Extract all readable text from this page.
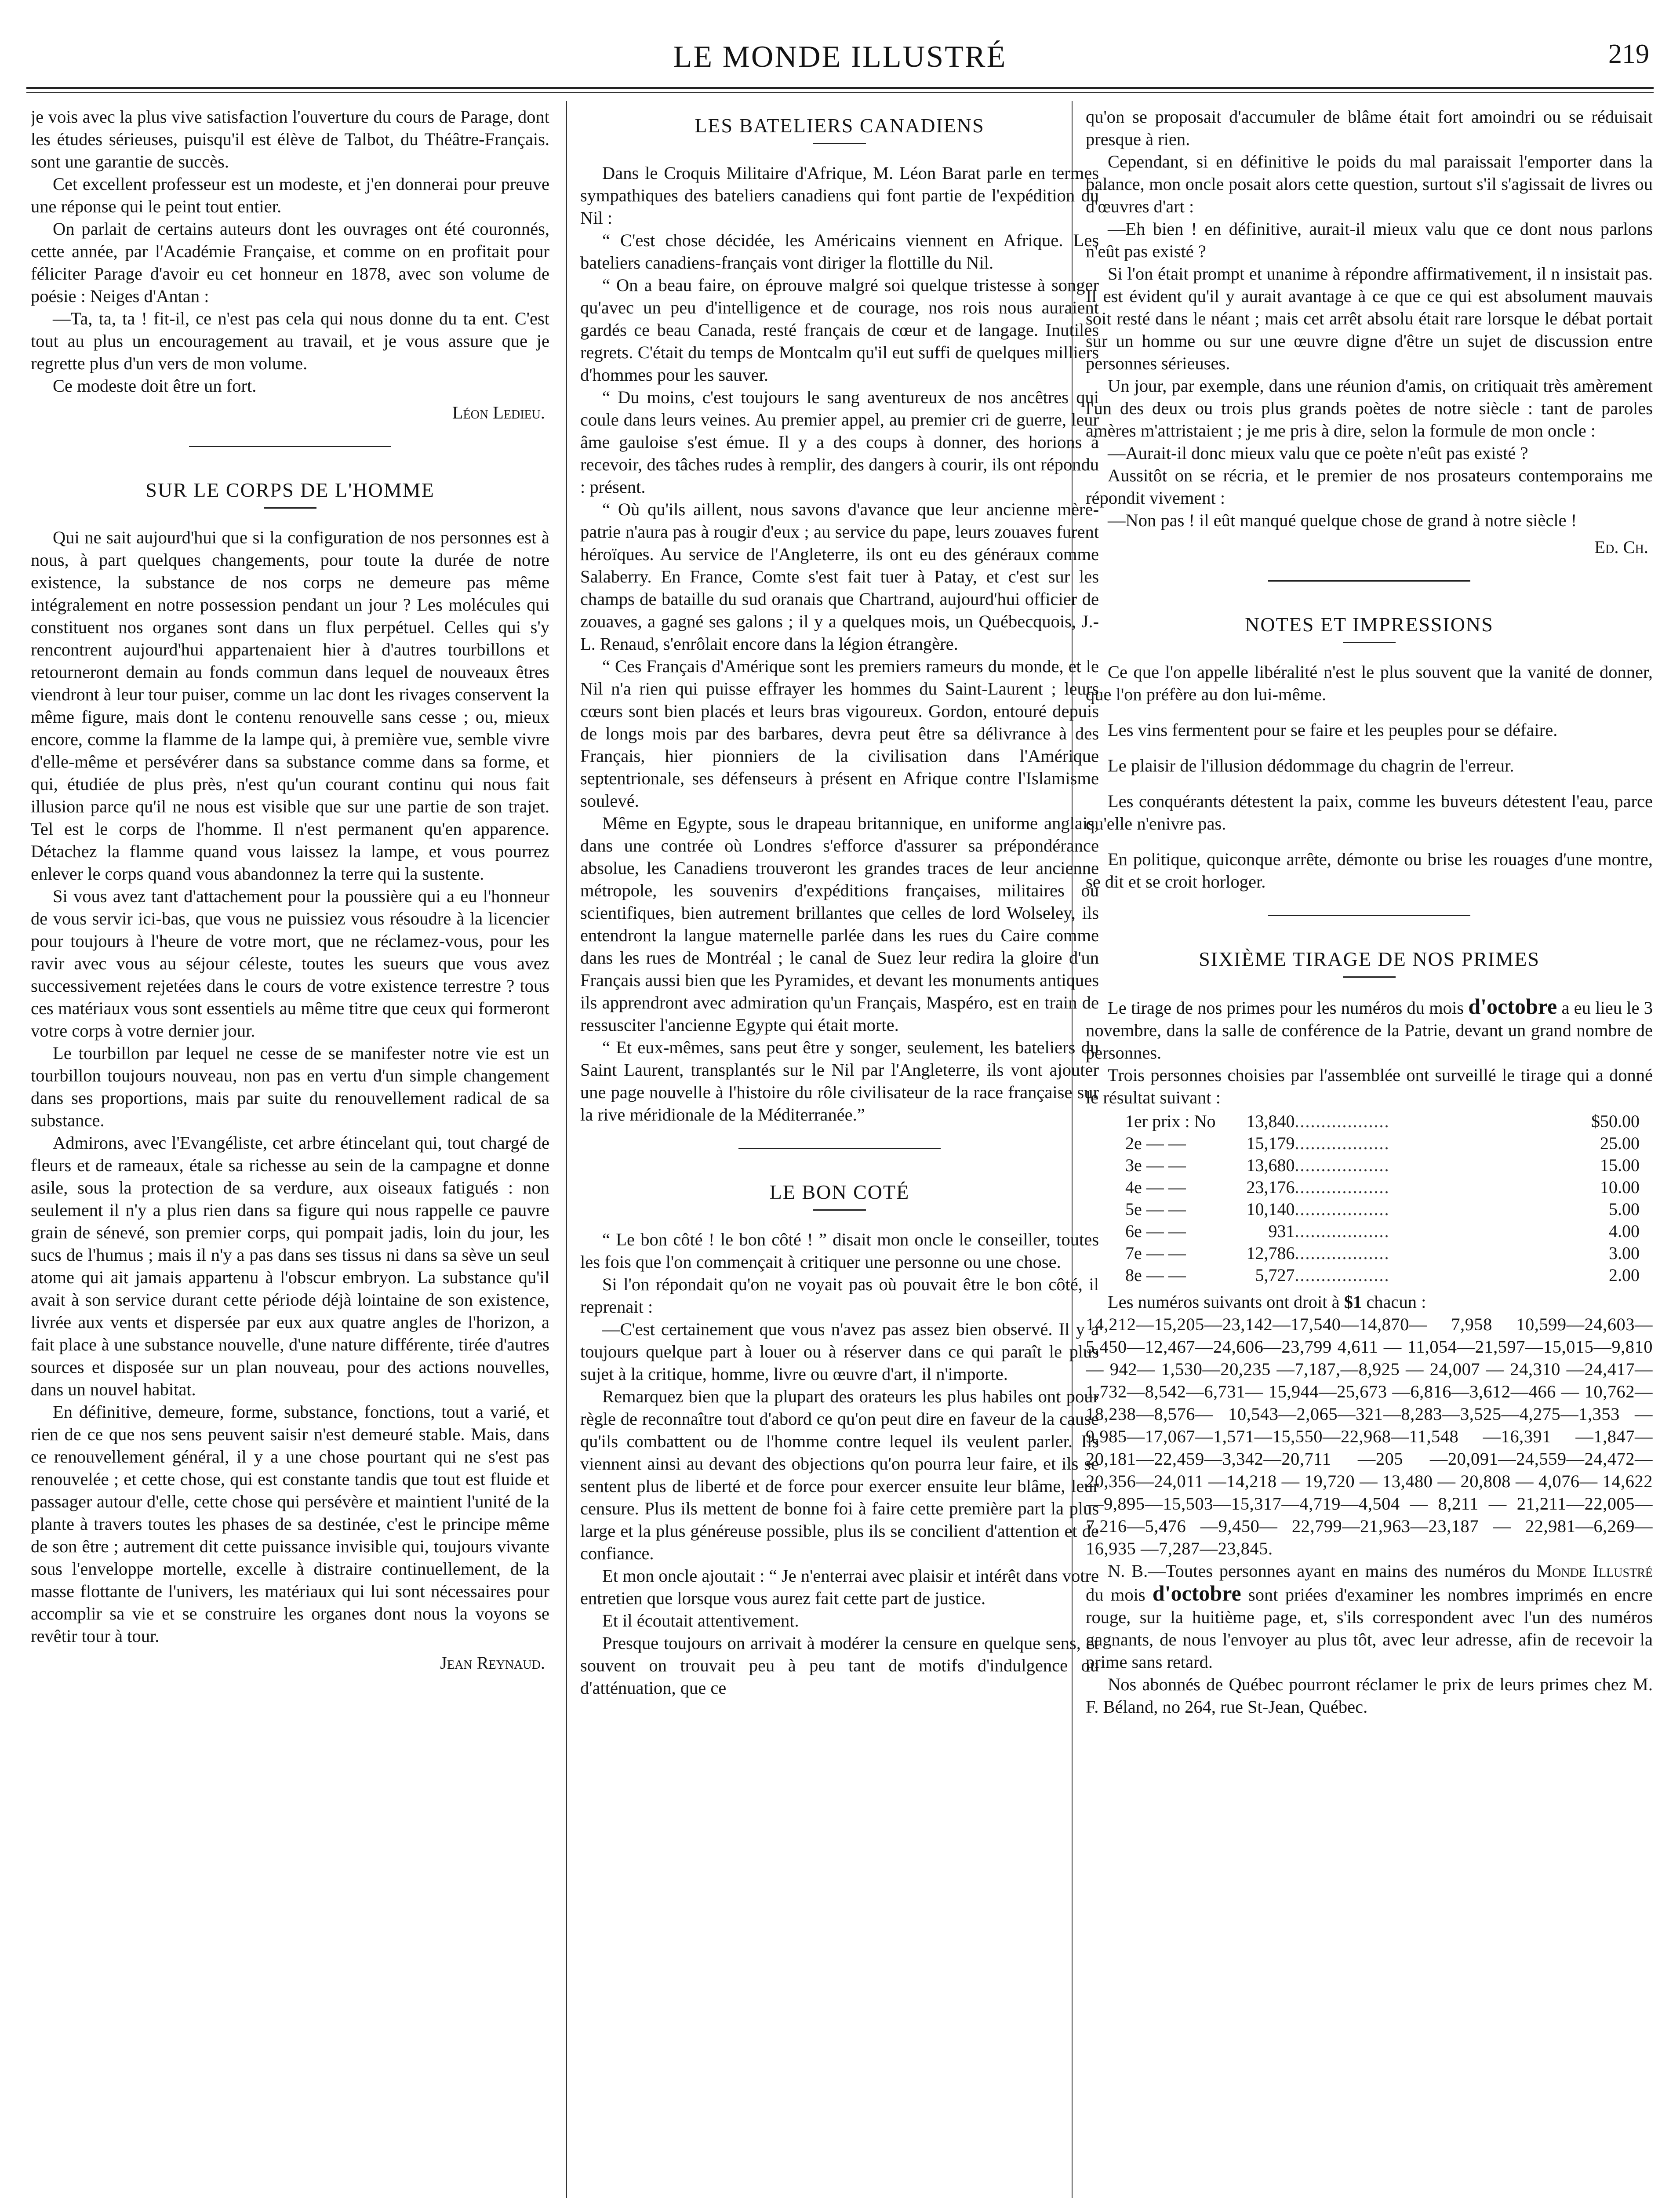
LE MONDE ILLUSTRÉ	219

je vois avec la plus vive satisfaction l'ouverture du cours de Parage, dont les études sérieuses, puisqu'il est élève de Talbot, du Théâtre-Français. sont une garantie de succès.

Cet excellent professeur est un modeste, et j'en donnerai pour preuve une réponse qui le peint tout entier.

On parlait de certains auteurs dont les ouvrages ont été couronnés, cette année, par l'Académie Française, et comme on en profitait pour féliciter Parage d'avoir eu cet honneur en 1878, avec son volume de poésie : Neiges d'Antan :

—Ta, ta, ta ! fit-il, ce n'est pas cela qui nous donne du ta ent. C'est tout au plus un encouragement au travail, et je vous assure que je regrette plus d'un vers de mon volume.

Ce modeste doit être un fort.

Léon Ledieu.
SUR LE CORPS DE L'HOMME

Qui ne sait aujourd'hui que si la configuration de nos personnes est à nous, à part quelques changements, pour toute la durée de notre existence, la substance de nos corps ne demeure pas même intégralement en notre possession pendant un jour ? Les molécules qui constituent nos organes sont dans un flux perpétuel. Celles qui s'y rencontrent aujourd'hui appartenaient hier à d'autres tourbillons et retourneront demain au fonds commun dans lequel de nouveaux êtres viendront à leur tour puiser, comme un lac dont les rivages conservent la même figure, mais dont le contenu renouvelle sans cesse ; ou, mieux encore, comme la flamme de la lampe qui, à première vue, semble vivre d'elle-même et persévérer dans sa substance comme dans sa forme, et qui, étudiée de plus près, n'est qu'un courant continu qui nous fait illusion parce qu'il ne nous est visible que sur une partie de son trajet. Tel est le corps de l'homme. Il n'est permanent qu'en apparence. Détachez la flamme quand vous laissez la lampe, et vous pourrez enlever le corps quand vous abandonnez la terre qui la sustente.

Si vous avez tant d'attachement pour la poussière qui a eu l'honneur de vous servir ici-bas, que vous ne puissiez vous résoudre à la licencier pour toujours à l'heure de votre mort, que ne réclamez-vous, pour les ravir avec vous au séjour céleste, toutes les sueurs que vous avez successivement rejetées dans le cours de votre existence terrestre ? tous ces matériaux vous sont essentiels au même titre que ceux qui formeront votre corps à votre dernier jour.

Le tourbillon par lequel ne cesse de se manifester notre vie est un tourbillon toujours nouveau, non pas en vertu d'un simple changement dans ses proportions, mais par suite du renouvellement radical de sa substance.

Admirons, avec l'Evangéliste, cet arbre étincelant qui, tout chargé de fleurs et de rameaux, étale sa richesse au sein de la campagne et donne asile, sous la protection de sa verdure, aux oiseaux fatigués : non seulement il n'y a plus rien dans sa figure qui nous rappelle ce pauvre grain de sénevé, son premier corps, qui pompait jadis, loin du jour, les sucs de l'humus ; mais il n'y a pas dans ses tissus ni dans sa sève un seul atome qui ait jamais appartenu à l'obscur embryon. La substance qu'il avait à son service durant cette période déjà lointaine de son existence, livrée aux vents et dispersée par eux aux quatre angles de l'horizon, a fait place à une substance nouvelle, d'une nature différente, tirée d'autres sources et disposée sur un plan nouveau, pour des actions nouvelles, dans un nouvel habitat.

En définitive, demeure, forme, substance, fonctions, tout a varié, et rien de ce que nos sens peuvent saisir n'est demeuré stable. Mais, dans ce renouvellement général, il y a une chose pourtant qui ne s'est pas renouvelée ; et cette chose, qui est constante tandis que tout est fluide et passager autour d'elle, cette chose qui persévère et maintient l'unité de la plante à travers toutes les phases de sa destinée, c'est le principe même de son être ; autrement dit cette puissance invisible qui, toujours vivante sous l'enveloppe mortelle, excelle à distraire continuellement, de la masse flottante de l'univers, les matériaux qui lui sont nécessaires pour accomplir sa vie et se construire les organes dont nous la voyons se revêtir tour à tour.

Jean Reynaud.
LES BATELIERS CANADIENS

Dans le Croquis Militaire d'Afrique, M. Léon Barat parle en termes sympathiques des bateliers canadiens qui font partie de l'expédition du Nil :

“ C'est chose décidée, les Américains viennent en Afrique. Les bateliers canadiens-français vont diriger la flottille du Nil.

“ On a beau faire, on éprouve malgré soi quelque tristesse à songer qu'avec un peu d'intelligence et de courage, nos rois nous auraient gardés ce beau Canada, resté français de cœur et de langage. Inutiles regrets. C'était du temps de Montcalm qu'il eut suffi de quelques milliers d'hommes pour les sauver.

“ Du moins, c'est toujours le sang aventureux de nos ancêtres qui coule dans leurs veines. Au premier appel, au premier cri de guerre, leur âme gauloise s'est émue. Il y a des coups à donner, des horions à recevoir, des tâches rudes à remplir, des dangers à courir, ils ont répondu : présent.

“ Où qu'ils aillent, nous savons d'avance que leur ancienne mère-patrie n'aura pas à rougir d'eux ; au service du pape, leurs zouaves furent héroïques. Au service de l'Angleterre, ils ont eu des généraux comme Salaberry. En France, Comte s'est fait tuer à Patay, et c'est sur les champs de bataille du sud oranais que Chartrand, aujourd'hui officier de zouaves, a gagné ses galons ; il y a quelques mois, un Québecquois, J.-L. Renaud, s'enrôlait encore dans la légion étrangère.

“ Ces Français d'Amérique sont les premiers rameurs du monde, et le Nil n'a rien qui puisse effrayer les hommes du Saint-Laurent ; leurs cœurs sont bien placés et leurs bras vigoureux. Gordon, entouré depuis de longs mois par des barbares, devra peut être sa délivrance à des Français, hier pionniers de la civilisation dans l'Amérique septentrionale, ses défenseurs à présent en Afrique contre l'Islamisme soulevé.

Même en Egypte, sous le drapeau britannique, en uniforme anglais, dans une contrée où Londres s'efforce d'assurer sa prépondérance absolue, les Canadiens trouveront les grandes traces de leur ancienne métropole, les souvenirs d'expéditions françaises, militaires ou scientifiques, bien autrement brillantes que celles de lord Wolseley, ils entendront la langue maternelle parlée dans les rues du Caire comme dans les rues de Montréal ; le canal de Suez leur redira la gloire d'un Français aussi bien que les Pyramides, et devant les monuments antiques ils apprendront avec admiration qu'un Français, Maspéro, est en train de ressusciter l'ancienne Egypte qui était morte.

“ Et eux-mêmes, sans peut être y songer, seulement, les bateliers du Saint Laurent, transplantés sur le Nil par l'Angleterre, ils vont ajouter une page nouvelle à l'histoire du rôle civilisateur de la race française sur la rive méridionale de la Méditerranée.”

LE BON COTÉ

“ Le bon côté ! le bon côté ! ” disait mon oncle le conseiller, toutes les fois que l'on commençait à critiquer une personne ou une chose.

Si l'on répondait qu'on ne voyait pas où pouvait être le bon côté, il reprenait :

—C'est certainement que vous n'avez pas assez bien observé. Il y a toujours quelque part à louer ou à réserver dans ce qui paraît le plus sujet à la critique, homme, livre ou œuvre d'art, il n'importe.

Remarquez bien que la plupart des orateurs les plus habiles ont pour règle de reconnaître tout d'abord ce qu'on peut dire en faveur de la cause qu'ils combattent ou de l'homme contre lequel ils veulent parler. Ils viennent ainsi au devant des objections qu'on pourra leur faire, et ils se sentent plus de liberté et de force pour exercer ensuite leur blâme, leur censure. Plus ils mettent de bonne foi à faire cette première part la plus large et la plus généreuse possible, plus ils se concilient d'attention et de confiance.

Et mon oncle ajoutait : “ Je n'enterrai avec plaisir et intérêt dans votre entretien que lorsque vous aurez fait cette part de justice.

Et il écoutait attentivement.

Presque toujours on arrivait à modérer la censure en quelque sens, et souvent on trouvait peu à peu tant de motifs d'indulgence ou d'atténuation, que ce

qu'on se proposait d'accumuler de blâme était fort amoindri ou se réduisait presque à rien.

Cependant, si en définitive le poids du mal paraissait l'emporter dans la balance, mon oncle posait alors cette question, surtout s'il s'agissait de livres ou d'œuvres d'art :

—Eh bien ! en définitive, aurait-il mieux valu que ce dont nous parlons n'eût pas existé ?

Si l'on était prompt et unanime à répondre affirmativement, il n insistait pas. Il est évident qu'il y aurait avantage à ce que ce qui est absolument mauvais soit resté dans le néant ; mais cet arrêt absolu était rare lorsque le débat portait sur un homme ou sur une œuvre digne d'être un sujet de discussion entre personnes sérieuses.

Un jour, par exemple, dans une réunion d'amis, on critiquait très amèrement l'un des deux ou trois plus grands poètes de notre siècle : tant de paroles amères m'attristaient ; je me pris à dire, selon la formule de mon oncle :

—Aurait-il donc mieux valu que ce poète n'eût pas existé ?

Aussitôt on se récria, et le premier de nos prosateurs contemporains me répondit vivement :

—Non pas ! il eût manqué quelque chose de grand à notre siècle !

Ed. Ch.
NOTES ET IMPRESSIONS

Ce que l'on appelle libéralité n'est le plus souvent que la vanité de donner, que l'on préfère au don lui-même.

Les vins fermentent pour se faire et les peuples pour se défaire.

Le plaisir de l'illusion dédommage du chagrin de l'erreur.

Les conquérants détestent la paix, comme les buveurs détestent l'eau, parce qu'elle n'enivre pas.

En politique, quiconque arrête, démonte ou brise les rouages d'une montre, se dit et se croit horloger.

SIXIÈME TIRAGE DE NOS PRIMES

Le tirage de nos primes pour les numéros du mois d'octobre a eu lieu le 3 novembre, dans la salle de conférence de la Patrie, devant un grand nombre de personnes.

Trois personnes choisies par l'assemblée ont surveillé le tirage qui a donné le résultat suivant :

1er prix : No	13,840	..................	$50.00
2e — —	15,179	..................	25.00
3e — —	13,680	..................	15.00
4e — —	23,176	..................	10.00
5e — —	10,140	..................	5.00
6e — —	931	..................	4.00
7e — —	12,786	..................	3.00
8e — —	5,727	..................	2.00

Les numéros suivants ont droit à $1 chacun :

14,212—15,205—23,142—17,540—14,870— 7,958 10,599—24,603—5,450—12,467—24,606—23,799 4,611 — 11,054—21,597—15,015—9,810 — 942— 1,530—20,235 —7,187,—8,925 — 24,007 — 24,310 —24,417—1,732—8,542—6,731— 15,944—25,673 —6,816—3,612—466 — 10,762—18,238—8,576— 10,543—2,065—321—8,283—3,525—4,275—1,353 —9,985—17,067—1,571—15,550—22,968—11,548 —16,391 —1,847—20,181—22,459—3,342—20,711 —205 —20,091—24,559—24,472—20,356—24,011 —14,218 — 19,720 — 13,480 — 20,808 — 4,076— 14,622—9,895—15,503—15,317—4,719—4,504 — 8,211 — 21,211—22,005—7,216—5,476 —9,450— 22,799—21,963—23,187 — 22,981—6,269—16,935 —7,287—23,845.

N. B.—Toutes personnes ayant en mains des numéros du Monde Illustré du mois d'octobre sont priées d'examiner les nombres imprimés en encre rouge, sur la huitième page, et, s'ils correspondent avec l'un des numéros gagnants, de nous l'envoyer au plus tôt, avec leur adresse, afin de recevoir la prime sans retard.

Nos abonnés de Québec pourront réclamer le prix de leurs primes chez M. F. Béland, no 264, rue St-Jean, Québec.
